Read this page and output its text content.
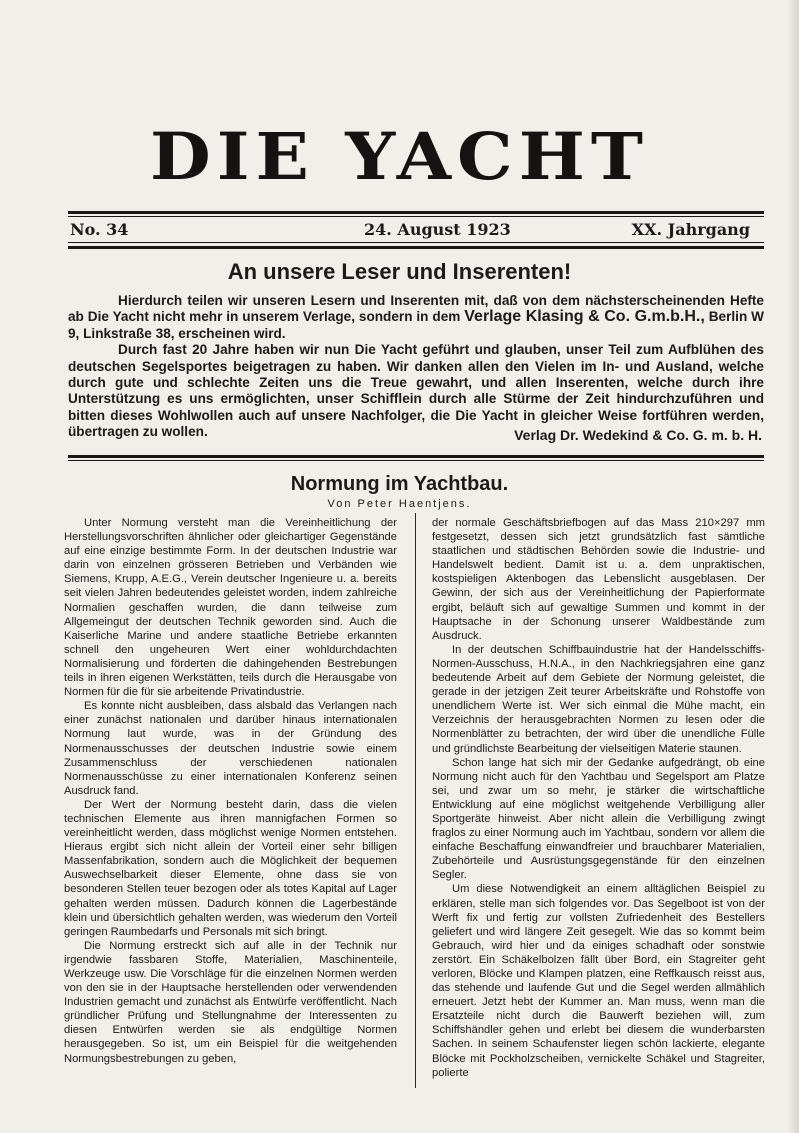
DIE YACHT
No. 34	24. August 1923	XX. Jahrgang
An unsere Leser und Inserenten!

Hierdurch teilen wir unseren Lesern und Inserenten mit, daß von dem nächsterscheinenden Hefte ab Die Yacht nicht mehr in unserem Verlage, sondern in dem Verlage Klasing & Co. G.m.b.H., Berlin W 9, Linkstraße 38, erscheinen wird.

Durch fast 20 Jahre haben wir nun Die Yacht geführt und glauben, unser Teil zum Aufblühen des deutschen Segelsportes beigetragen zu haben. Wir danken allen den Vielen im In- und Ausland, welche durch gute und schlechte Zeiten uns die Treue gewahrt, und allen Inserenten, welche durch ihre Unterstützung es uns ermöglichten, unser Schifflein durch alle Stürme der Zeit hindurchzuführen und bitten dieses Wohlwollen auch auf unsere Nachfolger, die Die Yacht in gleicher Weise fortführen werden, übertragen zu wollen.	Verlag Dr. Wedekind & Co. G. m. b. H.
Normung im Yachtbau.
Von Peter Haentjens.

Unter Normung versteht man die Vereinheitlichung der Herstellungsvorschriften ähnlicher oder gleichartiger Gegenstände auf eine einzige bestimmte Form. In der deutschen Industrie war darin von einzelnen grösseren Betrieben und Verbänden wie Siemens, Krupp, A.E.G., Verein deutscher Ingenieure u. a. bereits seit vielen Jahren bedeutendes geleistet worden, indem zahlreiche Normalien geschaffen wurden, die dann teilweise zum Allgemeingut der deutschen Technik geworden sind. Auch die Kaiserliche Marine und andere staatliche Betriebe erkannten schnell den ungeheuren Wert einer wohldurchdachten Normalisierung und förderten die dahingehenden Bestrebungen teils in ihren eigenen Werkstätten, teils durch die Herausgabe von Normen für die für sie arbeitende Privatindustrie.

Es konnte nicht ausbleiben, dass alsbald das Verlangen nach einer zunächst nationalen und darüber hinaus internationalen Normung laut wurde, was in der Gründung des Normenausschusses der deutschen Industrie sowie einem Zusammenschluss der verschiedenen nationalen Normenausschüsse zu einer internationalen Konferenz seinen Ausdruck fand.

Der Wert der Normung besteht darin, dass die vielen technischen Elemente aus ihren mannigfachen Formen so vereinheitlicht werden, dass möglichst wenige Normen entstehen. Hieraus ergibt sich nicht allein der Vorteil einer sehr billigen Massenfabrikation, sondern auch die Möglichkeit der bequemen Auswechselbarkeit dieser Elemente, ohne dass sie von besonderen Stellen teuer bezogen oder als totes Kapital auf Lager gehalten werden müssen. Dadurch können die Lagerbestände klein und übersichtlich gehalten werden, was wiederum den Vorteil geringen Raumbedarfs und Personals mit sich bringt.

Die Normung erstreckt sich auf alle in der Technik nur irgendwie fassbaren Stoffe, Materialien, Maschinenteile, Werkzeuge usw. Die Vorschläge für die einzelnen Normen werden von den sie in der Hauptsache herstellenden oder verwendenden Industrien gemacht und zunächst als Entwürfe veröffentlicht. Nach gründlicher Prüfung und Stellungnahme der Interessenten zu diesen Entwürfen werden sie als endgültige Normen herausgegeben. So ist, um ein Beispiel für die weitgehenden Normungsbestrebungen zu geben,

der normale Geschäftsbriefbogen auf das Mass 210×297 mm festgesetzt, dessen sich jetzt grundsätzlich fast sämtliche staatlichen und städtischen Behörden sowie die Industrie- und Handelswelt bedient. Damit ist u. a. dem unpraktischen, kostspieligen Aktenbogen das Lebenslicht ausgeblasen. Der Gewinn, der sich aus der Vereinheitlichung der Papierformate ergibt, beläuft sich auf gewaltige Summen und kommt in der Hauptsache in der Schonung unserer Waldbestände zum Ausdruck.

In der deutschen Schiffbauindustrie hat der Handelsschiffs-Normen-Ausschuss, H.N.A., in den Nachkriegsjahren eine ganz bedeutende Arbeit auf dem Gebiete der Normung geleistet, die gerade in der jetzigen Zeit teurer Arbeitskräfte und Rohstoffe von unendlichem Werte ist. Wer sich einmal die Mühe macht, ein Verzeichnis der herausgebrachten Normen zu lesen oder die Normenblätter zu betrachten, der wird über die unendliche Fülle und gründlichste Bearbeitung der vielseitigen Materie staunen.

Schon lange hat sich mir der Gedanke aufgedrängt, ob eine Normung nicht auch für den Yachtbau und Segelsport am Platze sei, und zwar um so mehr, je stärker die wirtschaftliche Entwicklung auf eine möglichst weitgehende Verbilligung aller Sportgeräte hinweist. Aber nicht allein die Verbilligung zwingt fraglos zu einer Normung auch im Yachtbau, sondern vor allem die einfache Beschaffung einwandfreier und brauchbarer Materialien, Zubehörteile und Ausrüstungsgegenstände für den einzelnen Segler.

Um diese Notwendigkeit an einem alltäglichen Beispiel zu erklären, stelle man sich folgendes vor. Das Segelboot ist von der Werft fix und fertig zur vollsten Zufriedenheit des Bestellers geliefert und wird längere Zeit gesegelt. Wie das so kommt beim Gebrauch, wird hier und da einiges schadhaft oder sonstwie zerstört. Ein Schäkelbolzen fällt über Bord, ein Stagreiter geht verloren, Blöcke und Klampen platzen, eine Reffkausch reisst aus, das stehende und laufende Gut und die Segel werden allmählich erneuert. Jetzt hebt der Kummer an. Man muss, wenn man die Ersatzteile nicht durch die Bauwerft beziehen will, zum Schiffshändler gehen und erlebt bei diesem die wunderbarsten Sachen. In seinem Schaufenster liegen schön lackierte, elegante Blöcke mit Pockholzscheiben, vernickelte Schäkel und Stagreiter, polierte
